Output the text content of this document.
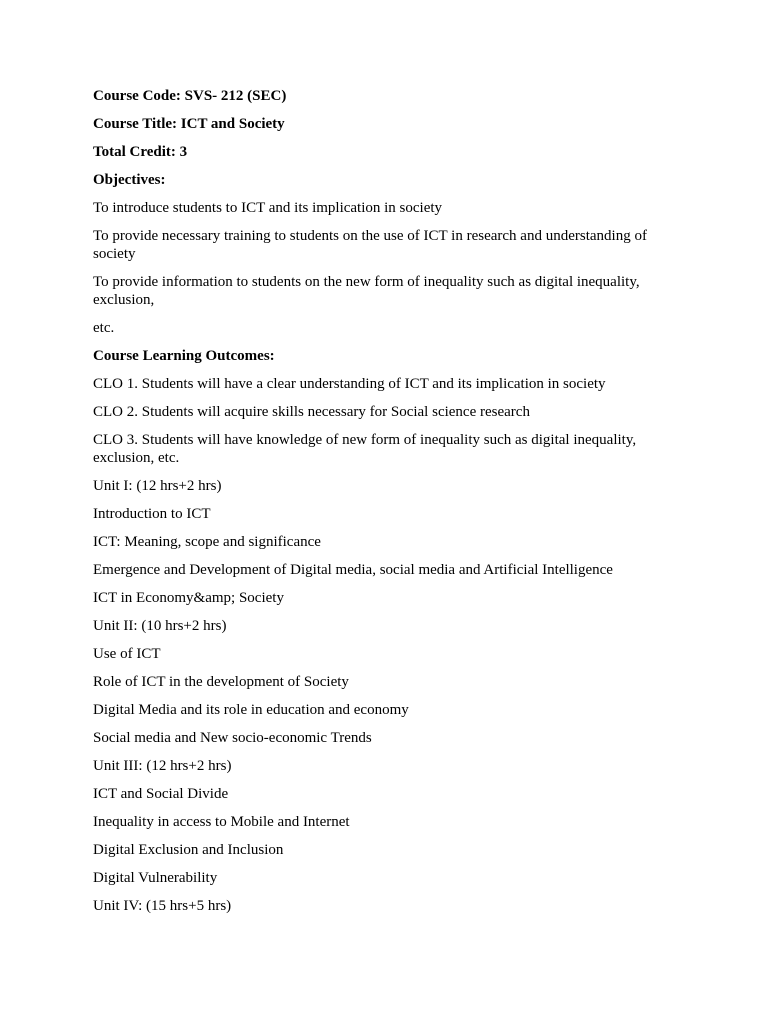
Course Code: SVS- 212 (SEC)

Course Title: ICT and Society

Total Credit: 3

Objectives:

To introduce students to ICT and its implication in society

To provide necessary training to students on the use of ICT in research and understanding of society

To provide information to students on the new form of inequality such as digital inequality, exclusion,

etc.

Course Learning Outcomes:

CLO 1. Students will have a clear understanding of ICT and its implication in society

CLO 2. Students will acquire skills necessary for Social science research

CLO 3. Students will have knowledge of new form of inequality such as digital inequality, exclusion, etc.

Unit I: (12 hrs+2 hrs)

Introduction to ICT

ICT: Meaning, scope and significance

Emergence and Development of Digital media, social media and Artificial Intelligence

ICT in Economy&amp; Society

Unit II: (10 hrs+2 hrs)

Use of ICT

Role of ICT in the development of Society

Digital Media and its role in education and economy

Social media and New socio-economic Trends

Unit III: (12 hrs+2 hrs)

ICT and Social Divide

Inequality in access to Mobile and Internet

Digital Exclusion and Inclusion

Digital Vulnerability

Unit IV: (15 hrs+5 hrs)
